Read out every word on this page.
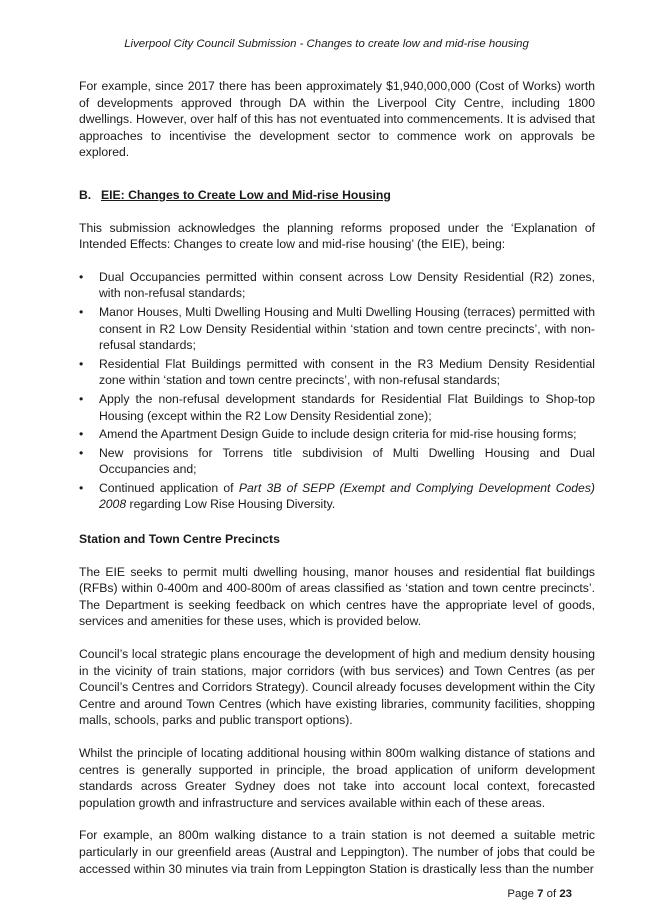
Liverpool City Council Submission - Changes to create low and mid-rise housing

For example, since 2017 there has been approximately $1,940,000,000 (Cost of Works) worth of developments approved through DA within the Liverpool City Centre, including 1800 dwellings. However, over half of this has not eventuated into commencements. It is advised that approaches to incentivise the development sector to commence work on approvals be explored.

B. EIE: Changes to Create Low and Mid-rise Housing

This submission acknowledges the planning reforms proposed under the ‘Explanation of Intended Effects: Changes to create low and mid-rise housing’ (the EIE), being:

• Dual Occupancies permitted within consent across Low Density Residential (R2) zones, with non-refusal standards;
• Manor Houses, Multi Dwelling Housing and Multi Dwelling Housing (terraces) permitted with consent in R2 Low Density Residential within ‘station and town centre precincts’, with non-refusal standards;
• Residential Flat Buildings permitted with consent in the R3 Medium Density Residential zone within ‘station and town centre precincts’, with non-refusal standards;
• Apply the non-refusal development standards for Residential Flat Buildings to Shop-top Housing (except within the R2 Low Density Residential zone);
• Amend the Apartment Design Guide to include design criteria for mid-rise housing forms;
• New provisions for Torrens title subdivision of Multi Dwelling Housing and Dual Occupancies and;
• Continued application of Part 3B of SEPP (Exempt and Complying Development Codes) 2008 regarding Low Rise Housing Diversity.
Station and Town Centre Precincts

The EIE seeks to permit multi dwelling housing, manor houses and residential flat buildings (RFBs) within 0-400m and 400-800m of areas classified as ‘station and town centre precincts’. The Department is seeking feedback on which centres have the appropriate level of goods, services and amenities for these uses, which is provided below.

Council’s local strategic plans encourage the development of high and medium density housing in the vicinity of train stations, major corridors (with bus services) and Town Centres (as per Council’s Centres and Corridors Strategy). Council already focuses development within the City Centre and around Town Centres (which have existing libraries, community facilities, shopping malls, schools, parks and public transport options).

Whilst the principle of locating additional housing within 800m walking distance of stations and centres is generally supported in principle, the broad application of uniform development standards across Greater Sydney does not take into account local context, forecasted population growth and infrastructure and services available within each of these areas.

For example, an 800m walking distance to a train station is not deemed a suitable metric particularly in our greenfield areas (Austral and Leppington). The number of jobs that could be accessed within 30 minutes via train from Leppington Station is drastically less than the number

Page 7 of 23
